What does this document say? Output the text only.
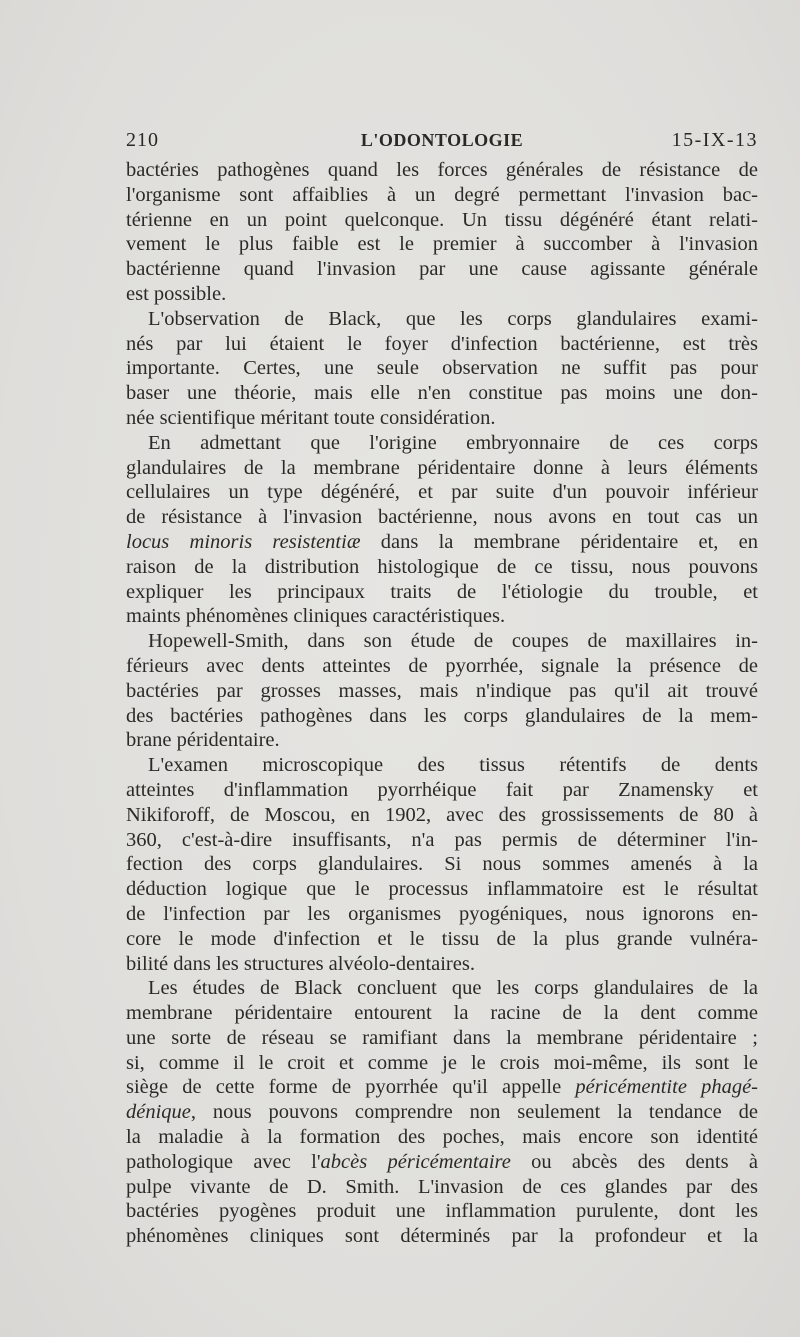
210	L'ODONTOLOGIE	15-IX-13
bactéries pathogènes quand les forces générales de résistance de
l'organisme sont affaiblies à un degré permettant l'invasion bac-
térienne en un point quelconque. Un tissu dégénéré étant relati-
vement le plus faible est le premier à succomber à l'invasion
bactérienne quand l'invasion par une cause agissante générale
est possible.
L'observation de Black, que les corps glandulaires exami-
nés par lui étaient le foyer d'infection bactérienne, est très
importante. Certes, une seule observation ne suffit pas pour
baser une théorie, mais elle n'en constitue pas moins une don-
née scientifique méritant toute considération.
En admettant que l'origine embryonnaire de ces corps
glandulaires de la membrane péridentaire donne à leurs éléments
cellulaires un type dégénéré, et par suite d'un pouvoir inférieur
de résistance à l'invasion bactérienne, nous avons en tout cas un
locus minoris resistentiæ dans la membrane péridentaire et, en
raison de la distribution histologique de ce tissu, nous pouvons
expliquer les principaux traits de l'étiologie du trouble, et
maints phénomènes cliniques caractéristiques.
Hopewell-Smith, dans son étude de coupes de maxillaires in-
férieurs avec dents atteintes de pyorrhée, signale la présence de
bactéries par grosses masses, mais n'indique pas qu'il ait trouvé
des bactéries pathogènes dans les corps glandulaires de la mem-
brane péridentaire.
L'examen microscopique des tissus rétentifs de dents
atteintes d'inflammation pyorrhéique fait par Znamensky et
Nikiforoff, de Moscou, en 1902, avec des grossissements de 80 à
360, c'est-à-dire insuffisants, n'a pas permis de déterminer l'in-
fection des corps glandulaires. Si nous sommes amenés à la
déduction logique que le processus inflammatoire est le résultat
de l'infection par les organismes pyogéniques, nous ignorons en-
core le mode d'infection et le tissu de la plus grande vulnéra-
bilité dans les structures alvéolo-dentaires.
Les études de Black concluent que les corps glandulaires de la
membrane péridentaire entourent la racine de la dent comme
une sorte de réseau se ramifiant dans la membrane péridentaire ;
si, comme il le croit et comme je le crois moi-même, ils sont le
siège de cette forme de pyorrhée qu'il appelle péricémentite phagé-
dénique, nous pouvons comprendre non seulement la tendance de
la maladie à la formation des poches, mais encore son identité
pathologique avec l'abcès péricémentaire ou abcès des dents à
pulpe vivante de D. Smith. L'invasion de ces glandes par des
bactéries pyogènes produit une inflammation purulente, dont les
phénomènes cliniques sont déterminés par la profondeur et la
